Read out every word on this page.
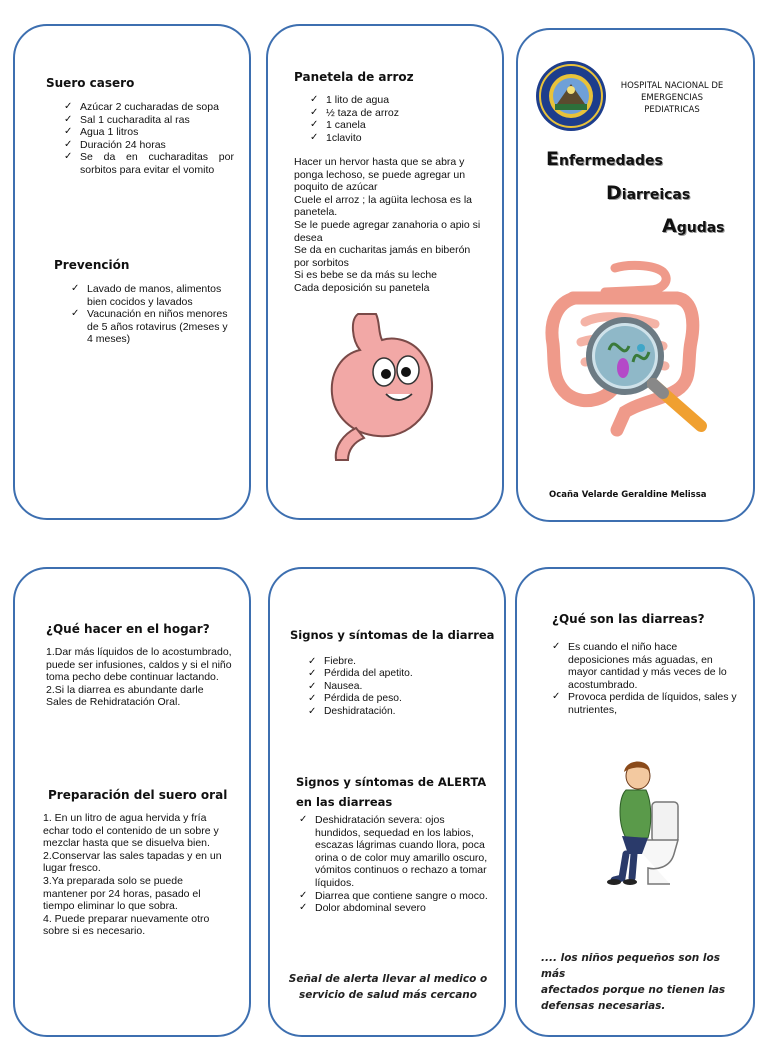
Suero casero
✓ Azúcar 2 cucharadas de sopa
✓ Sal 1 cucharadita al ras
✓ Agua 1 litros
✓ Duración 24 horas
✓ Se da en cucharaditas por sorbitos para evitar el vomito
Prevención
✓ Lavado de manos, alimentos bien cocidos y lavados
✓ Vacunación en niños menores de 5 años rotavirus (2meses y 4 meses)
Panetela de arroz
✓ 1 lito de agua
✓ ½ taza de arroz
✓ 1 canela
✓ 1clavito
Hacer un hervor hasta que se abra y ponga lechoso, se puede agregar un poquito de azúcar
Cuele el arroz ; la agüita lechosa es la panetela.
Se le puede agregar zanahoria o apio si desea
Se da en cucharitas jamás en biberón por sorbitos
Si es bebe se da más su leche
Cada deposición su panetela
HOSPITAL NACIONAL DE
EMERGENCIAS
PEDIATRICAS
Enfermedades
Diarreicas
Agudas
Ocaña Velarde Geraldine Melissa
¿Qué hacer en el hogar?
1.Dar más líquidos de lo acostumbrado, puede ser infusiones, caldos y si el niño toma pecho debe continuar lactando.
2.Si la diarrea es abundante darle Sales de Rehidratación Oral.
Preparación del suero oral
1. En un litro de agua hervida y fría echar todo el contenido de un sobre y mezclar hasta que se disuelva bien.
2.Conservar las sales tapadas y en un lugar fresco.
3.Ya preparada solo se puede mantener por 24 horas, pasado el tiempo eliminar lo que sobra.
4. Puede preparar nuevamente otro sobre si es necesario.
Signos y síntomas de la diarrea
✓ Fiebre.
✓ Pérdida del apetito.
✓ Nausea.
✓ Pérdida de peso.
✓ Deshidratación.
Signos y síntomas de ALERTA
en las diarreas
✓ Deshidratación severa: ojos hundidos, sequedad en los labios, escazas lágrimas cuando llora, poca orina o de color muy amarillo oscuro, vómitos continuos o rechazo a tomar líquidos.
✓ Diarrea que contiene sangre o moco.
✓ Dolor abdominal severo
Señal de alerta llevar al medico o
servicio de salud más cercano
¿Qué son las diarreas?
✓ Es cuando el niño hace deposiciones más aguadas, en mayor cantidad y más veces de lo acostumbrado.
✓ Provoca perdida de líquidos, sales y nutrientes,
.... los niños pequeños son los más
afectados porque no tienen las
defensas necesarias.
